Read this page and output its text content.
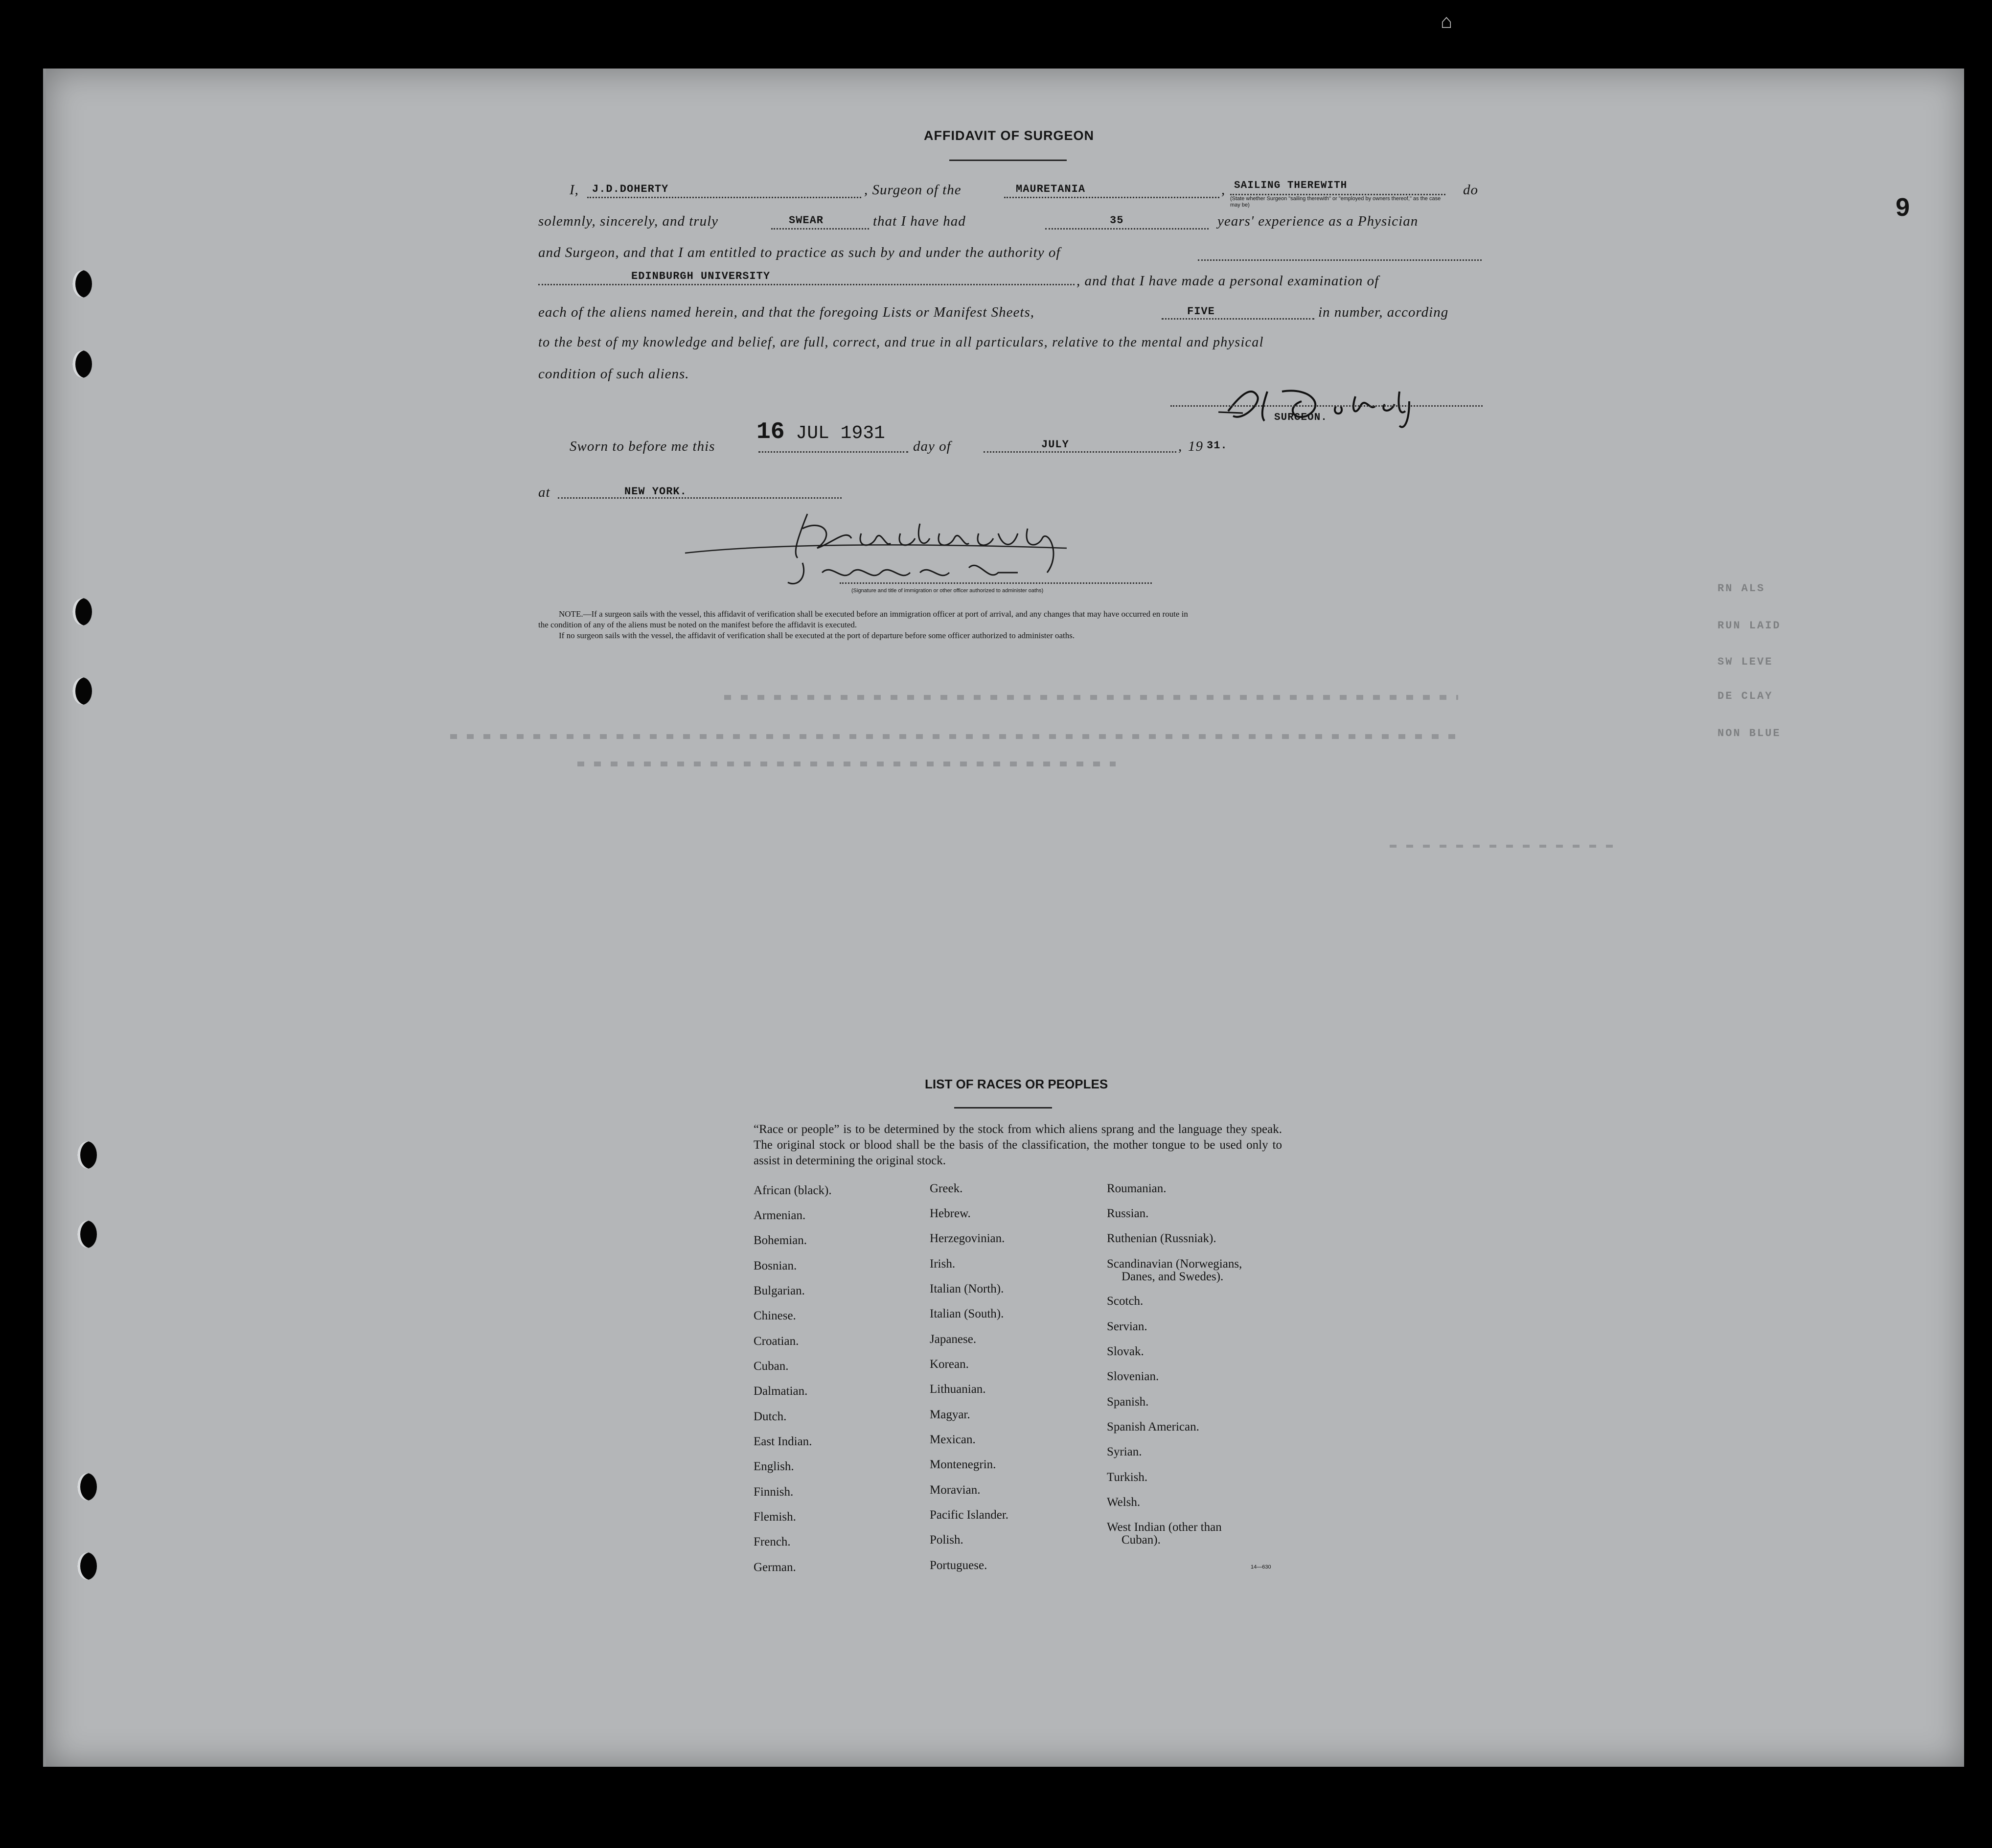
⌂
9
AFFIDAVIT OF SURGEON
I, J.D.DOHERTY	, Surgeon of the	MAURETANIA	, SAILING THEREWITH
(State whether Surgeon "sailing therewith" or "employed by owners thereof," as the case may be)
do
solemnly, sincerely, and truly	SWEAR	that I have had	35	years' experience as a Physician
and Surgeon, and that I am entitled to practice as such by and under the authority of
EDINBURGH UNIVERSITY	, and that I have made a personal examination of
each of the aliens named herein, and that the foregoing Lists or Manifest Sheets,	FIVE	in number, according
to the best of my knowledge and belief, are full, correct, and true in all particulars, relative to the mental and physical
condition of such aliens.
SURGEON.
Sworn to before me this
16 JUL 1931
day of	JULY	, 19 31.
at	NEW YORK.
(Signature and title of immigration or other officer authorized to administer oaths)
NOTE.—If a surgeon sails with the vessel, this affidavit of verification shall be executed before an immigration officer at port of arrival, and any changes that may have occurred en route in
the condition of any of the aliens must be noted on the manifest before the affidavit is executed.
If no surgeon sails with the vessel, the affidavit of verification shall be executed at the port of departure before some officer authorized to administer oaths.
RN ALS
RUN LAID
SW LEVE
DE CLAY
NON BLUE
LIST OF RACES OR PEOPLES
“Race or people” is to be determined by the stock from which aliens sprang and the language they speak. The original stock or blood shall be the basis of the classification, the mother tongue to be used only to assist in determining the original stock.
African (black).
Armenian.
Bohemian.
Bosnian.
Bulgarian.
Chinese.
Croatian.
Cuban.
Dalmatian.
Dutch.
East Indian.
English.
Finnish.
Flemish.
French.
German.
Greek.
Hebrew.
Herzegovinian.
Irish.
Italian (North).
Italian (South).
Japanese.
Korean.
Lithuanian.
Magyar.
Mexican.
Montenegrin.
Moravian.
Pacific Islander.
Polish.
Portuguese.
Roumanian.
Russian.
Ruthenian (Russniak).
Scandinavian (Norwegians,
Danes, and Swedes).
Scotch.
Servian.
Slovak.
Slovenian.
Spanish.
Spanish American.
Syrian.
Turkish.
Welsh.
West Indian (other than
Cuban).
14—630
